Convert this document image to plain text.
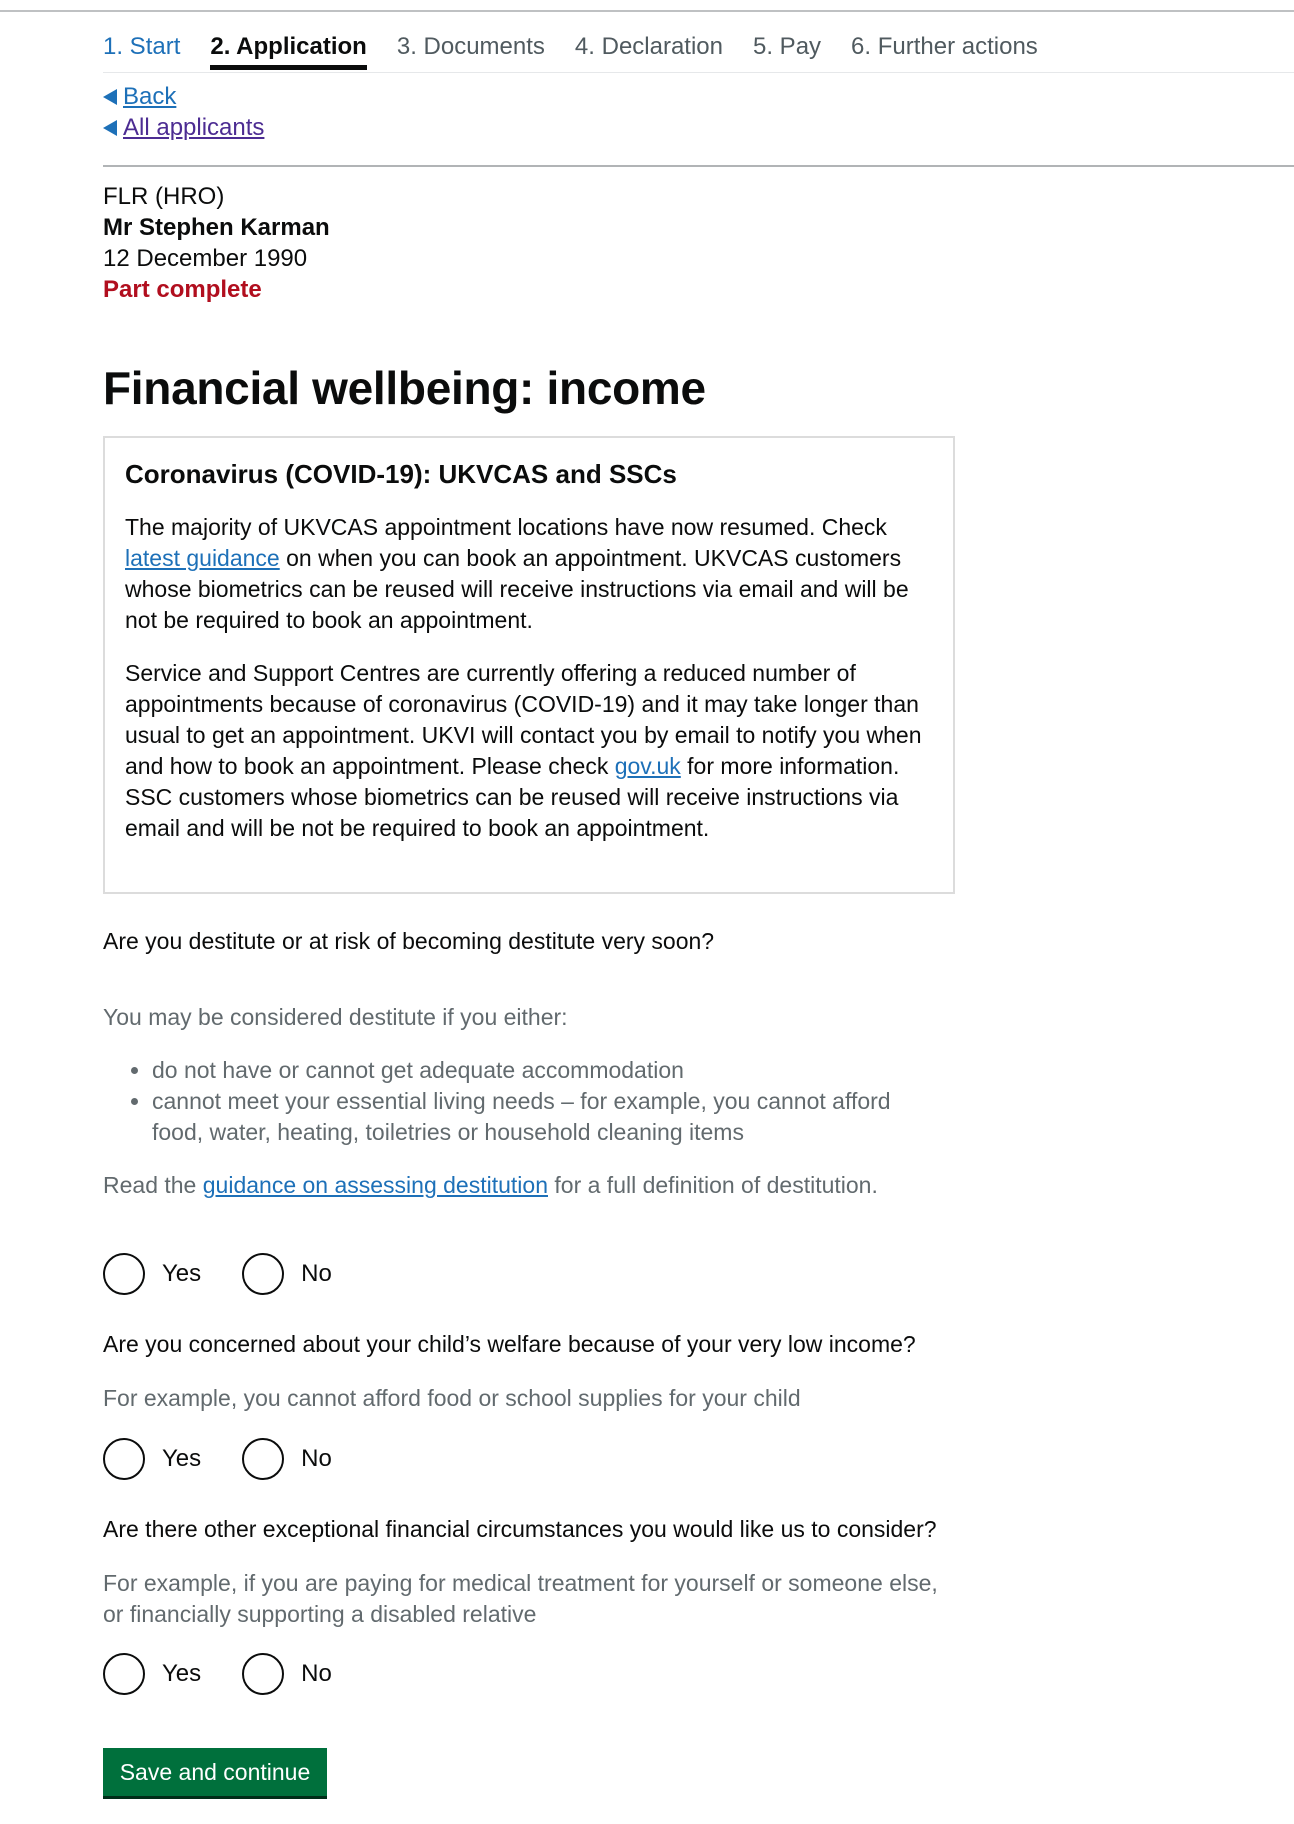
1. Start 2. Application 3. Documents 4. Declaration 5. Pay 6. Further actions
Back
All applicants
FLR (HRO)
Mr Stephen Karman
12 December 1990
Part complete
Financial wellbeing: income
Coronavirus (COVID-19): UKVCAS and SSCs

The majority of UKVCAS appointment locations have now resumed. Check latest guidance on when you can book an appointment. UKVCAS customers whose biometrics can be reused will receive instructions via email and will be not be required to book an appointment.

Service and Support Centres are currently offering a reduced number of appointments because of coronavirus (COVID-19) and it may take longer than usual to get an appointment. UKVI will contact you by email to notify you when and how to book an appointment. Please check gov.uk for more information. SSC customers whose biometrics can be reused will receive instructions via email and will be not be required to book an appointment.

Are you destitute or at risk of becoming destitute very soon?
You may be considered destitute if you either:
• do not have or cannot get adequate accommodation
• cannot meet your essential living needs – for example, you cannot afford food, water, heating, toiletries or household cleaning items
Read the guidance on assessing destitution for a full definition of destitution.
Yes	No
Are you concerned about your child’s welfare because of your very low income?
For example, you cannot afford food or school supplies for your child
Yes	No
Are there other exceptional financial circumstances you would like us to consider?
For example, if you are paying for medical treatment for yourself or someone else, or financially supporting a disabled relative
Yes	No
Save and continue
